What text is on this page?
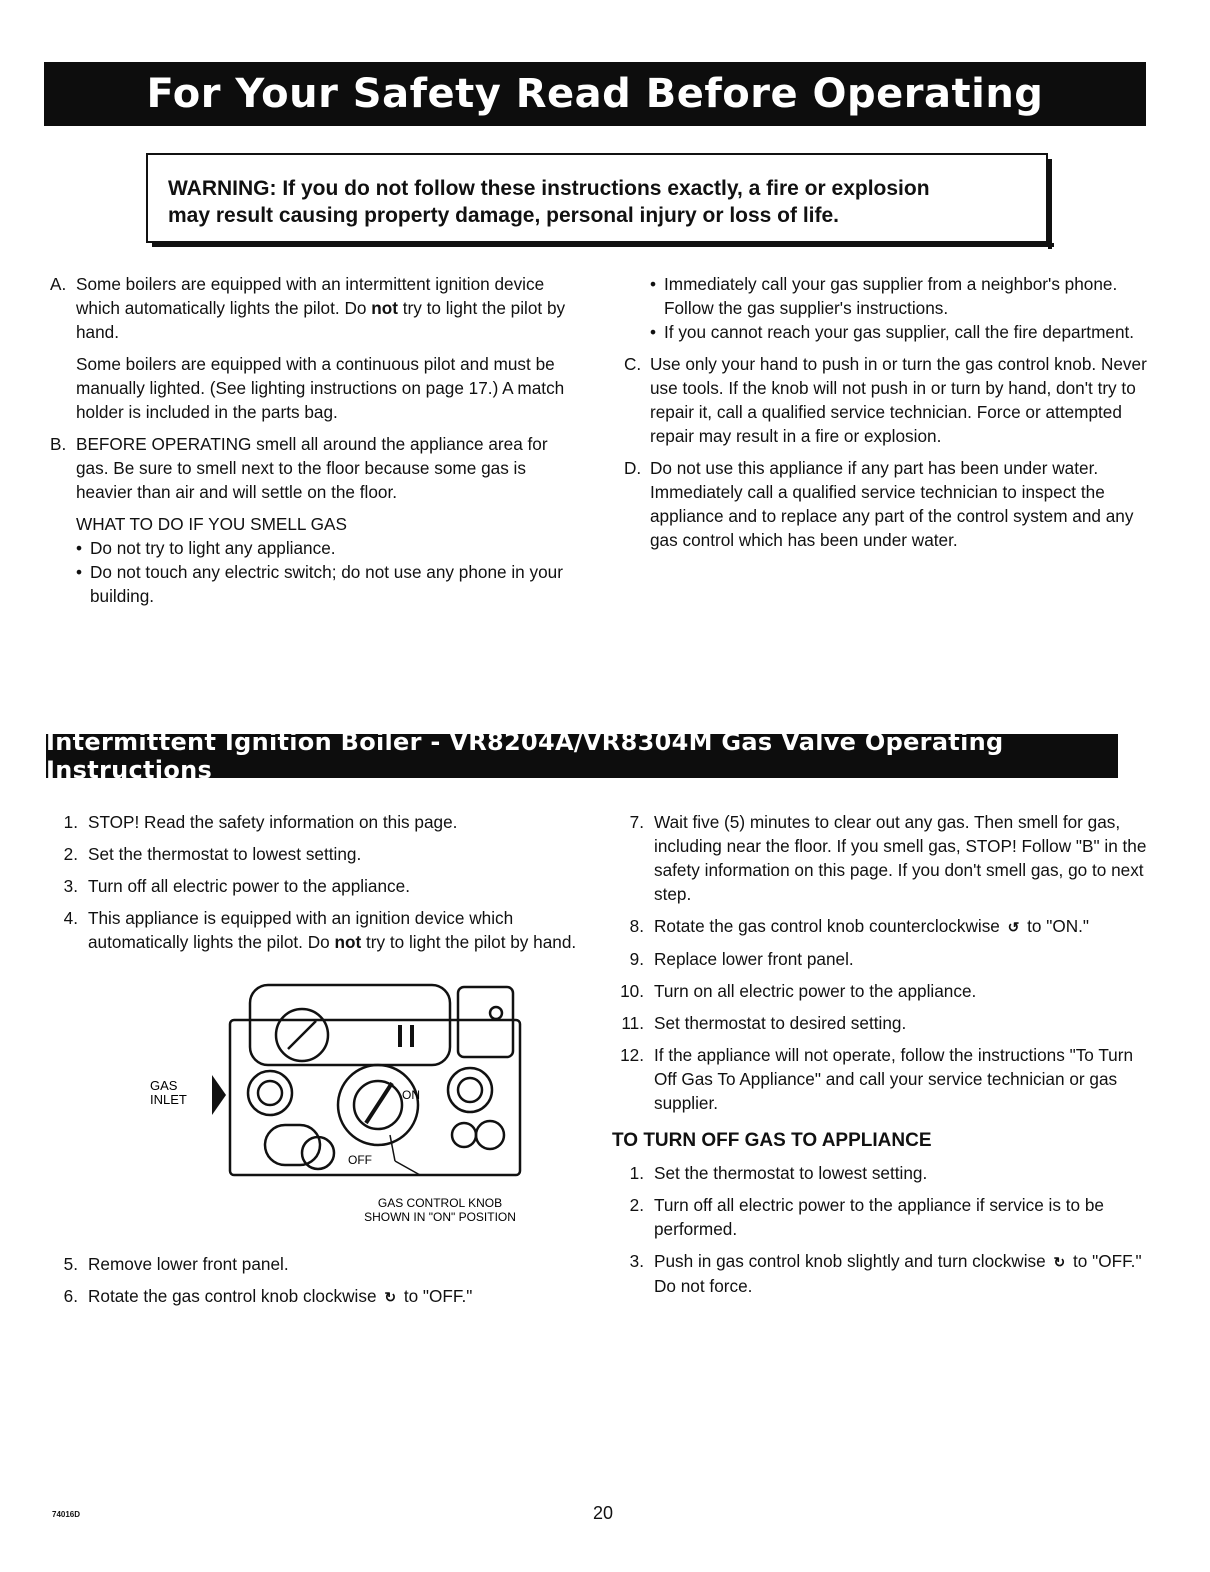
For Your Safety Read Before Operating
WARNING: If you do not follow these instructions exactly, a fire or explosion
may result causing property damage, personal injury or loss of life.
A. Some boilers are equipped with an intermittent ignition device which automatically lights the pilot. Do not try to light the pilot by hand.
Some boilers are equipped with a continuous pilot and must be manually lighted. (See lighting instructions on page 17.) A match holder is included in the parts bag.
B. BEFORE OPERATING smell all around the appliance area for gas. Be sure to smell next to the floor because some gas is heavier than air and will settle on the floor.
WHAT TO DO IF YOU SMELL GAS
• Do not try to light any appliance.
• Do not touch any electric switch; do not use any phone in your building.
• Immediately call your gas supplier from a neighbor's phone. Follow the gas supplier's instructions.
• If you cannot reach your gas supplier, call the fire department.
C. Use only your hand to push in or turn the gas control knob. Never use tools. If the knob will not push in or turn by hand, don't try to repair it, call a qualified service technician. Force or attempted repair may result in a fire or explosion.
D. Do not use this appliance if any part has been under water. Immediately call a qualified service technician to inspect the appliance and to replace any part of the control system and any gas control which has been under water.
Intermittent Ignition Boiler - VR8204A/VR8304M Gas Valve Operating Instructions
1. STOP! Read the safety information on this page.
2. Set the thermostat to lowest setting.
3. Turn off all electric power to the appliance.
4. This appliance is equipped with an ignition device which automatically lights the pilot. Do not try to light the pilot by hand.
GAS
INLET	ON
OFF
GAS CONTROL KNOB
SHOWN IN "ON" POSITION
5. Remove lower front panel.
6. Rotate the gas control knob clockwise ↻ to "OFF."
7. Wait five (5) minutes to clear out any gas. Then smell for gas, including near the floor. If you smell gas, STOP! Follow "B" in the safety information on this page. If you don't smell gas, go to next step.
8. Rotate the gas control knob counterclockwise ↺ to "ON."
9. Replace lower front panel.
10. Turn on all electric power to the appliance.
11. Set thermostat to desired setting.
12. If the appliance will not operate, follow the instructions "To Turn Off Gas To Appliance" and call your service technician or gas supplier.
TO TURN OFF GAS TO APPLIANCE
1. Set the thermostat to lowest setting.
2. Turn off all electric power to the appliance if service is to be performed.
3. Push in gas control knob slightly and turn clockwise ↻ to "OFF." Do not force.
74016D	20
